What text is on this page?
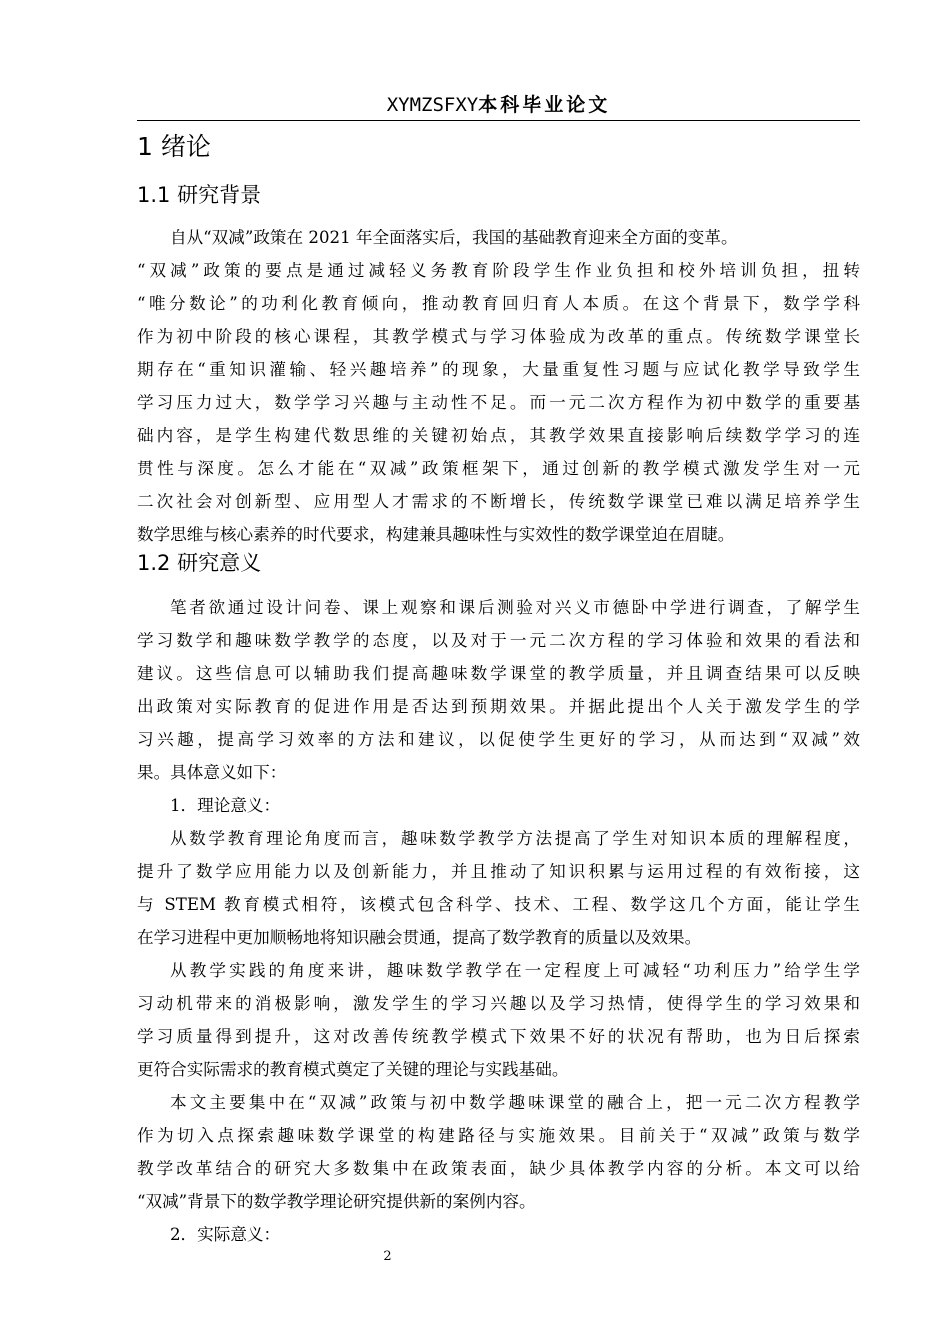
XYMZSFXY本科毕业论文
1 绪论
1.1 研究背景
自从“双减”政策在 2021 年全面落实后，我国的基础教育迎来全方面的变革。
“双减”政策的要点是通过减轻义务教育阶段学生作业负担和校外培训负担，扭转
“唯分数论”的功利化教育倾向，推动教育回归育人本质。在这个背景下，数学学科
作为初中阶段的核心课程，其教学模式与学习体验成为改革的重点。传统数学课堂长
期存在“重知识灌输、轻兴趣培养”的现象，大量重复性习题与应试化教学导致学生
学习压力过大，数学学习兴趣与主动性不足。而一元二次方程作为初中数学的重要基
础内容，是学生构建代数思维的关键初始点，其教学效果直接影响后续数学学习的连
贯性与深度。怎么才能在“双减”政策框架下，通过创新的教学模式激发学生对一元
二次社会对创新型、应用型人才需求的不断增长，传统数学课堂已难以满足培养学生
数学思维与核心素养的时代要求，构建兼具趣味性与实效性的数学课堂迫在眉睫。
1.2 研究意义
笔者欲通过设计问卷、课上观察和课后测验对兴义市德卧中学进行调查，了解学生
学习数学和趣味数学教学的态度，以及对于一元二次方程的学习体验和效果的看法和
建议。这些信息可以辅助我们提高趣味数学课堂的教学质量，并且调查结果可以反映
出政策对实际教育的促进作用是否达到预期效果。并据此提出个人关于激发学生的学
习兴趣，提高学习效率的方法和建议，以促使学生更好的学习，从而达到“双减”效
果。具体意义如下：
1．理论意义：
从数学教育理论角度而言，趣味数学教学方法提高了学生对知识本质的理解程度，
提升了数学应用能力以及创新能力，并且推动了知识积累与运用过程的有效衔接，这
与 STEM 教育模式相符，该模式包含科学、技术、工程、数学这几个方面，能让学生
在学习进程中更加顺畅地将知识融会贯通，提高了数学教育的质量以及效果。
从教学实践的角度来讲，趣味数学教学在一定程度上可减轻“功利压力”给学生学
习动机带来的消极影响，激发学生的学习兴趣以及学习热情，使得学生的学习效果和
学习质量得到提升，这对改善传统教学模式下效果不好的状况有帮助，也为日后探索
更符合实际需求的教育模式奠定了关键的理论与实践基础。
本文主要集中在“双减”政策与初中数学趣味课堂的融合上，把一元二次方程教学
作为切入点探索趣味数学课堂的构建路径与实施效果。目前关于“双减”政策与数学
教学改革结合的研究大多数集中在政策表面，缺少具体教学内容的分析。本文可以给
“双减”背景下的数学教学理论研究提供新的案例内容。
2．实际意义：
2
